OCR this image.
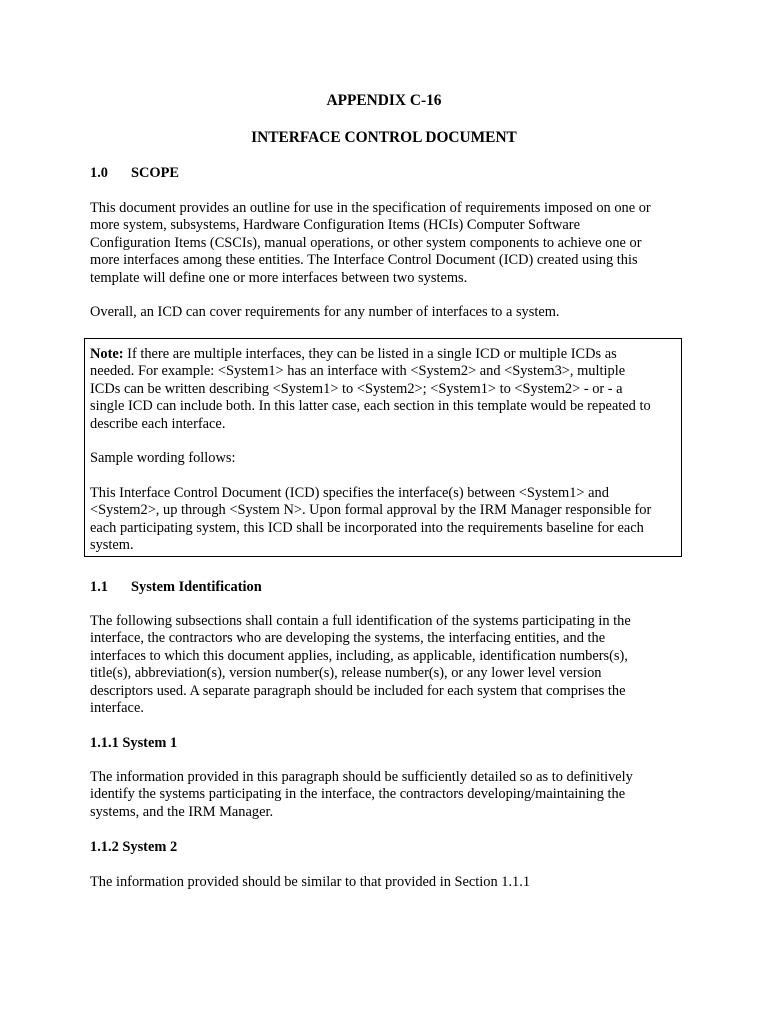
APPENDIX C-16
INTERFACE CONTROL DOCUMENT
1.0 SCOPE

This document provides an outline for use in the specification of requirements imposed on one or
more system, subsystems, Hardware Configuration Items (HCIs) Computer Software
Configuration Items (CSCIs), manual operations, or other system components to achieve one or
more interfaces among these entities. The Interface Control Document (ICD) created using this
template will define one or more interfaces between two systems.

Overall, an ICD can cover requirements for any number of interfaces to a system.

Note: If there are multiple interfaces, they can be listed in a single ICD or multiple ICDs as
needed. For example: <System1> has an interface with <System2> and <System3>, multiple
ICDs can be written describing <System1> to <System2>; <System1> to <System2> - or - a
single ICD can include both. In this latter case, each section in this template would be repeated to
describe each interface.

Sample wording follows:

This Interface Control Document (ICD) specifies the interface(s) between <System1> and
<System2>, up through <System N>. Upon formal approval by the IRM Manager responsible for
each participating system, this ICD shall be incorporated into the requirements baseline for each
system.

1.1 System Identification

The following subsections shall contain a full identification of the systems participating in the
interface, the contractors who are developing the systems, the interfacing entities, and the
interfaces to which this document applies, including, as applicable, identification numbers(s),
title(s), abbreviation(s), version number(s), release number(s), or any lower level version
descriptors used. A separate paragraph should be included for each system that comprises the
interface.

1.1.1 System 1

The information provided in this paragraph should be sufficiently detailed so as to definitively
identify the systems participating in the interface, the contractors developing/maintaining the
systems, and the IRM Manager.

1.1.2 System 2

The information provided should be similar to that provided in Section 1.1.1
